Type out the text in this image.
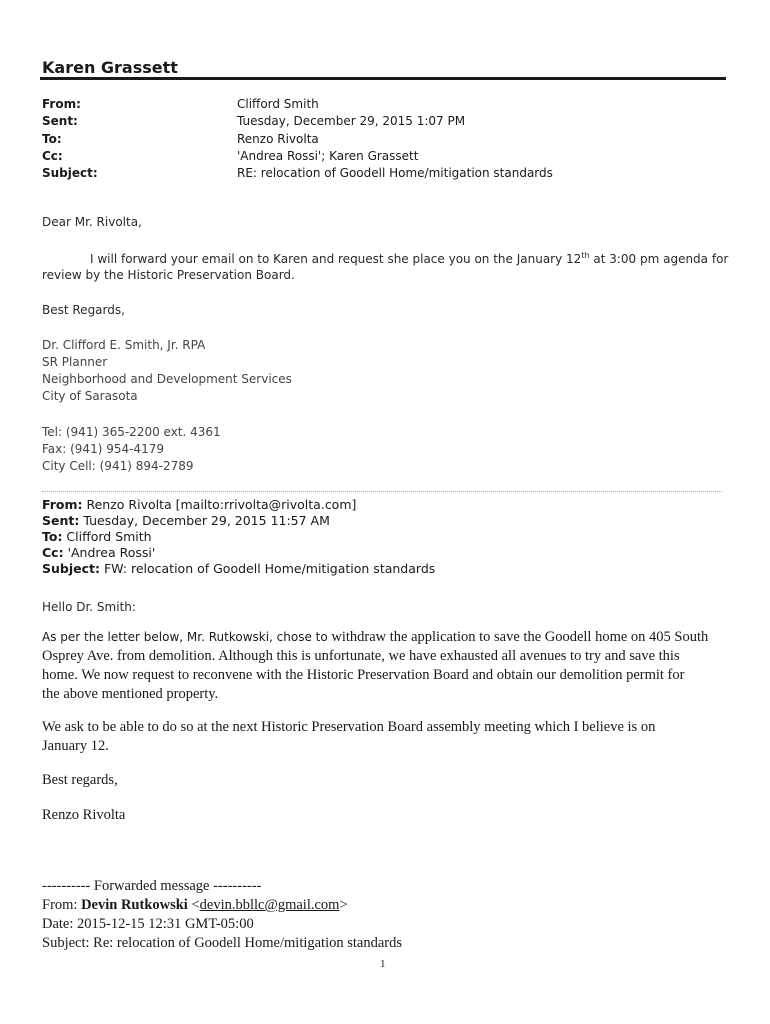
Karen Grassett
From:	Clifford Smith
Sent:	Tuesday, December 29, 2015 1:07 PM
To:	Renzo Rivolta
Cc:	'Andrea Rossi'; Karen Grassett
Subject:	RE: relocation of Goodell Home/mitigation standards
Dear Mr. Rivolta,
I will forward your email on to Karen and request she place you on the January 12th at 3:00 pm agenda for
review by the Historic Preservation Board.
Best Regards,
Dr. Clifford E. Smith, Jr. RPA
SR Planner
Neighborhood and Development Services
City of Sarasota
Tel: (941) 365-2200 ext. 4361
Fax: (941) 954-4179
City Cell: (941) 894-2789
From: Renzo Rivolta [mailto:rrivolta@rivolta.com]
Sent: Tuesday, December 29, 2015 11:57 AM
To: Clifford Smith
Cc: 'Andrea Rossi'
Subject: FW: relocation of Goodell Home/mitigation standards
Hello Dr. Smith:
As per the letter below, Mr. Rutkowski, chose to withdraw the application to save the Goodell home on 405 South
Osprey Ave. from demolition. Although this is unfortunate, we have exhausted all avenues to try and save this
home. We now request to reconvene with the Historic Preservation Board and obtain our demolition permit for
the above mentioned property.
We ask to be able to do so at the next Historic Preservation Board assembly meeting which I believe is on
January 12.
Best regards,
Renzo Rivolta
---------- Forwarded message ----------
From: Devin Rutkowski <devin.bbllc@gmail.com>
Date: 2015-12-15 12:31 GMT-05:00
Subject: Re: relocation of Goodell Home/mitigation standards
1
